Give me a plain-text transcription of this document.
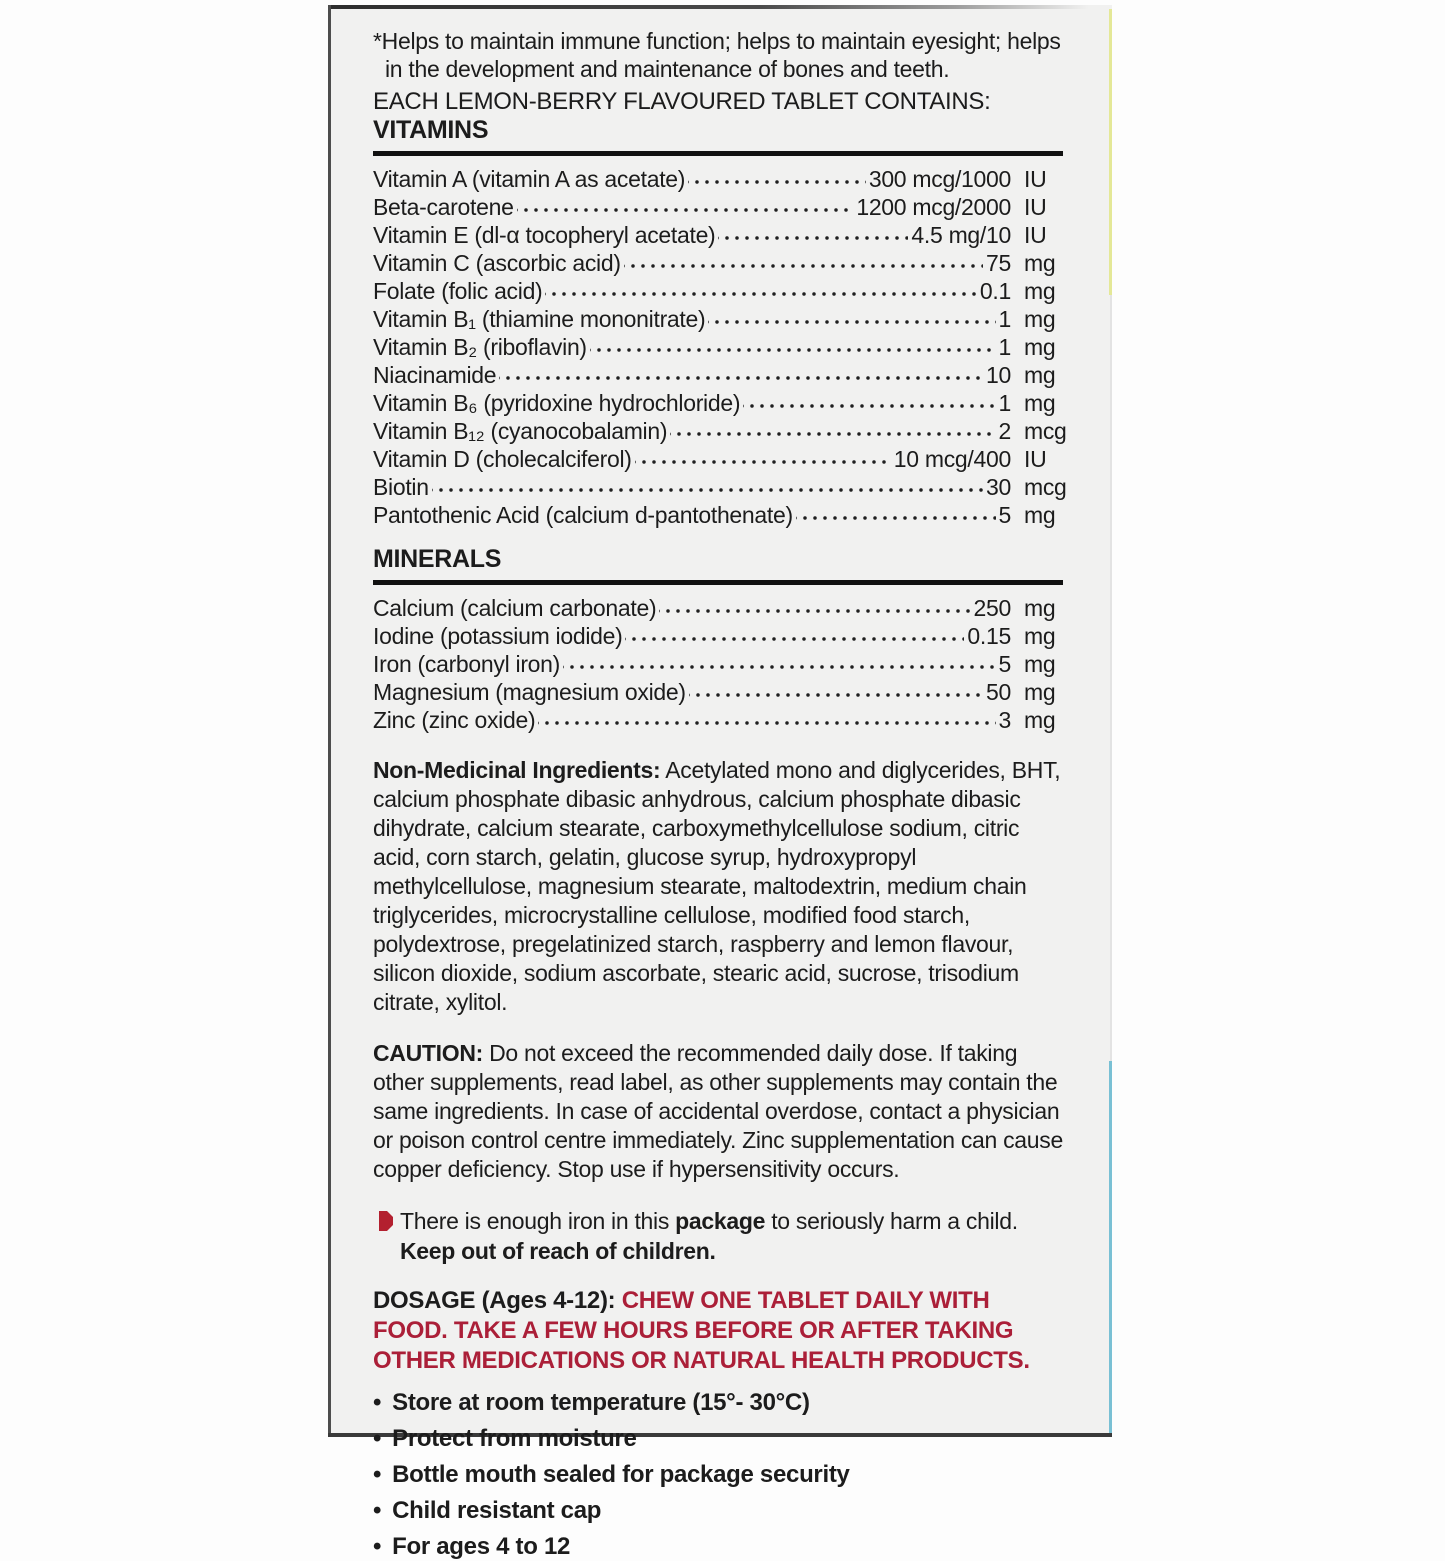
*Helps to maintain immune function; helps to maintain eyesight; helps in the development and maintenance of bones and teeth.
EACH LEMON-BERRY FLAVOURED TABLET CONTAINS:
VITAMINS
Vitamin A (vitamin A as acetate)	300 mcg/1000 IU
Beta-carotene	1200 mcg/2000 IU
Vitamin E (dl-α tocopheryl acetate)	4.5 mg/10 IU
Vitamin C (ascorbic acid)	75 mg
Folate (folic acid)	0.1 mg
Vitamin B₁ (thiamine mononitrate)	1 mg
Vitamin B₂ (riboflavin)	1 mg
Niacinamide	10 mg
Vitamin B₆ (pyridoxine hydrochloride)	1 mg
Vitamin B₁₂ (cyanocobalamin)	2 mcg
Vitamin D (cholecalciferol)	10 mcg/400 IU
Biotin	30 mcg
Pantothenic Acid (calcium d-pantothenate)	5 mg
MINERALS
Calcium (calcium carbonate)	250 mg
Iodine (potassium iodide)	0.15 mg
Iron (carbonyl iron)	5 mg
Magnesium (magnesium oxide)	50 mg
Zinc (zinc oxide)	3 mg
Non-Medicinal Ingredients: Acetylated mono and diglycerides, BHT, calcium phosphate dibasic anhydrous, calcium phosphate dibasic dihydrate, calcium stearate, carboxymethylcellulose sodium, citric acid, corn starch, gelatin, glucose syrup, hydroxypropyl methylcellulose, magnesium stearate, maltodextrin, medium chain triglycerides, microcrystalline cellulose, modified food starch, polydextrose, pregelatinized starch, raspberry and lemon flavour, silicon dioxide, sodium ascorbate, stearic acid, sucrose, trisodium citrate, xylitol.
CAUTION: Do not exceed the recommended daily dose. If taking other supplements, read label, as other supplements may contain the same ingredients. In case of accidental overdose, contact a physician or poison control centre immediately. Zinc supplementation can cause copper deficiency. Stop use if hypersensitivity occurs.
There is enough iron in this package to seriously harm a child.
Keep out of reach of children.
DOSAGE (Ages 4-12): CHEW ONE TABLET DAILY WITH FOOD. TAKE A FEW HOURS BEFORE OR AFTER TAKING OTHER MEDICATIONS OR NATURAL HEALTH PRODUCTS.
•
Store at room temperature (15°- 30°C)
•
Protect from moisture
•
Bottle mouth sealed for package security
•
Child resistant cap
•
For ages 4 to 12
